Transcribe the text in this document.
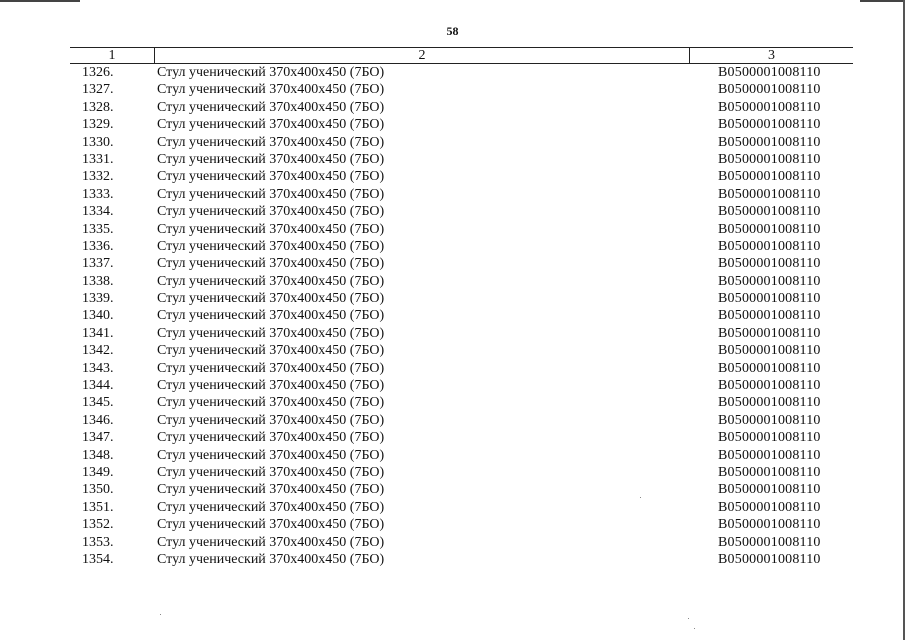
58
1	2	3
1326.	Стул ученический 370x400x450 (7БО)	В0500001008110
1327.	Стул ученический 370x400x450 (7БО)	В0500001008110
1328.	Стул ученический 370x400x450 (7БО)	В0500001008110
1329.	Стул ученический 370x400x450 (7БО)	В0500001008110
1330.	Стул ученический 370x400x450 (7БО)	В0500001008110
1331.	Стул ученический 370x400x450 (7БО)	В0500001008110
1332.	Стул ученический 370x400x450 (7БО)	В0500001008110
1333.	Стул ученический 370x400x450 (7БО)	В0500001008110
1334.	Стул ученический 370x400x450 (7БО)	В0500001008110
1335.	Стул ученический 370x400x450 (7БО)	В0500001008110
1336.	Стул ученический 370x400x450 (7БО)	В0500001008110
1337.	Стул ученический 370x400x450 (7БО)	В0500001008110
1338.	Стул ученический 370x400x450 (7БО)	В0500001008110
1339.	Стул ученический 370x400x450 (7БО)	В0500001008110
1340.	Стул ученический 370x400x450 (7БО)	В0500001008110
1341.	Стул ученический 370x400x450 (7БО)	В0500001008110
1342.	Стул ученический 370x400x450 (7БО)	В0500001008110
1343.	Стул ученический 370x400x450 (7БО)	В0500001008110
1344.	Стул ученический 370x400x450 (7БО)	В0500001008110
1345.	Стул ученический 370x400x450 (7БО)	В0500001008110
1346.	Стул ученический 370x400x450 (7БО)	В0500001008110
1347.	Стул ученический 370x400x450 (7БО)	В0500001008110
1348.	Стул ученический 370x400x450 (7БО)	В0500001008110
1349.	Стул ученический 370x400x450 (7БО)	В0500001008110
1350.	Стул ученический 370x400x450 (7БО)	В0500001008110
1351.	Стул ученический 370x400x450 (7БО)	В0500001008110
1352.	Стул ученический 370x400x450 (7БО)	В0500001008110
1353.	Стул ученический 370x400x450 (7БО)	В0500001008110
1354.	Стул ученический 370x400x450 (7БО)	В0500001008110
